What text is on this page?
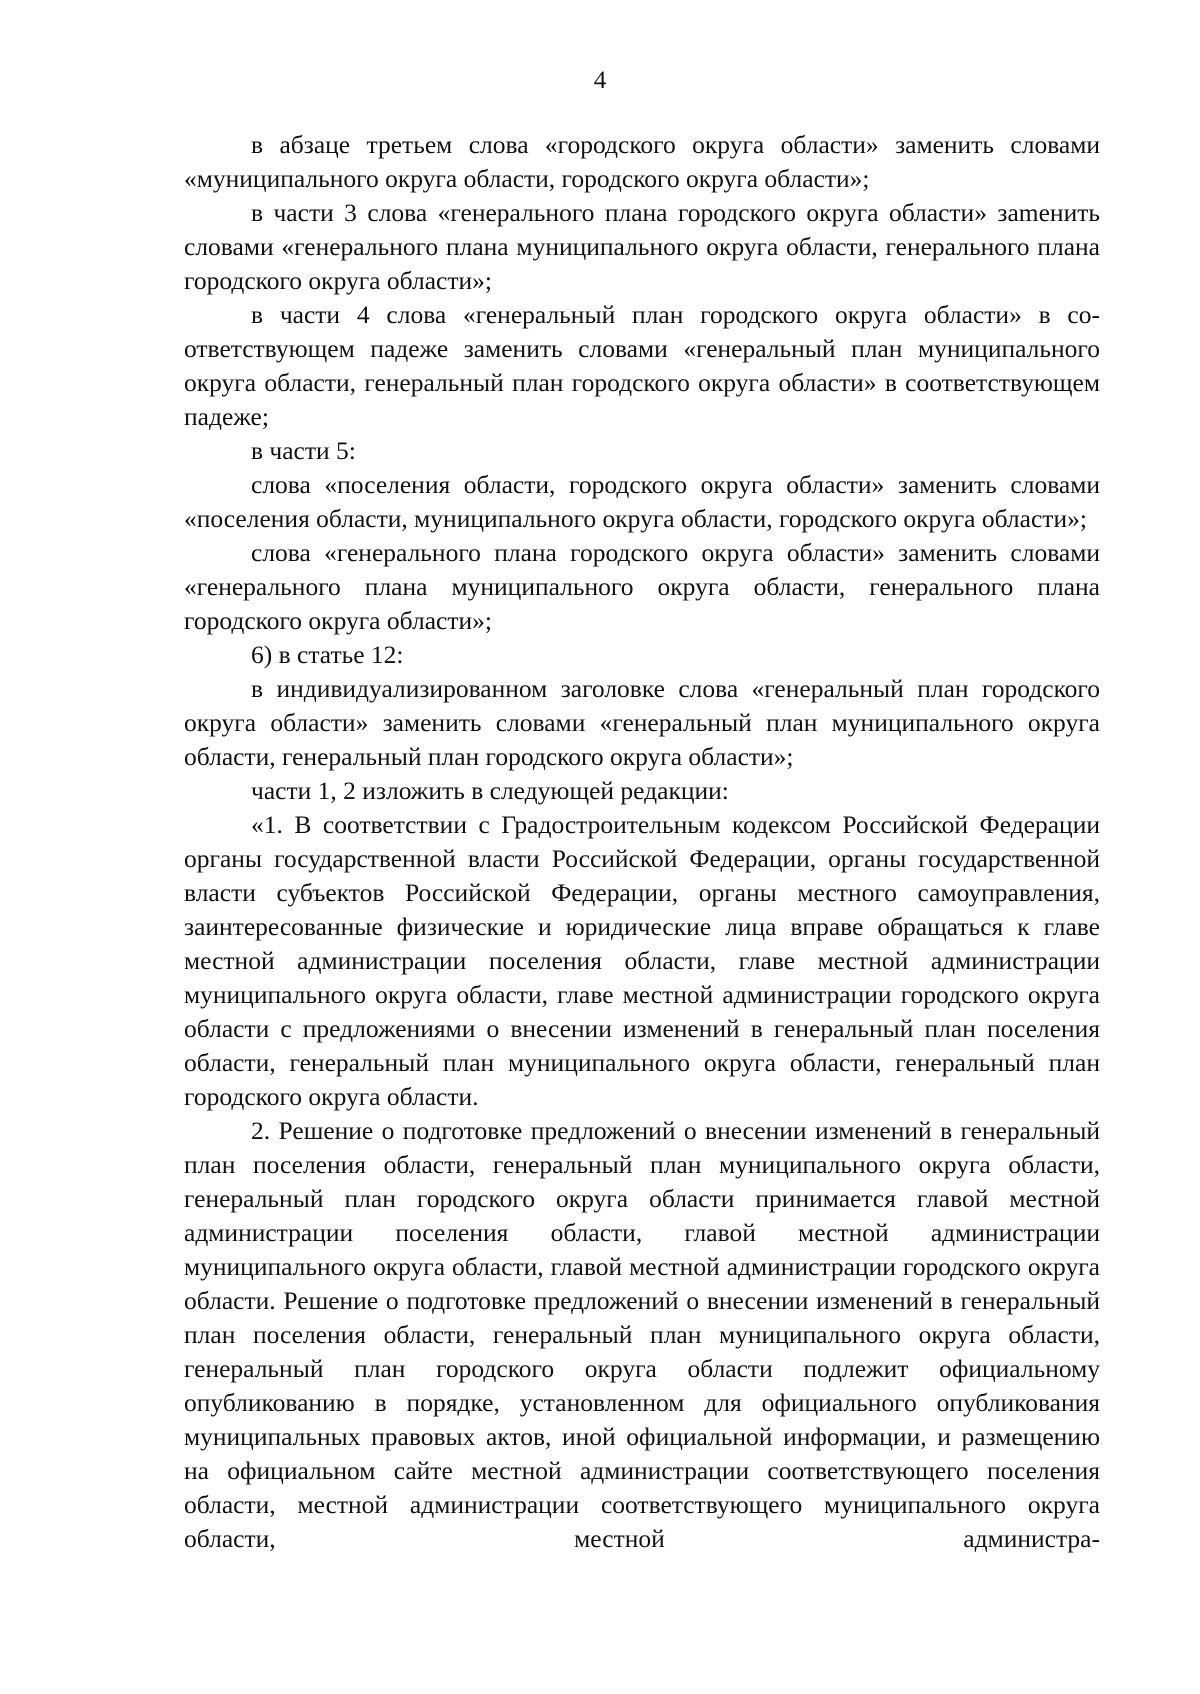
4

в абзаце третьем слова «городского округа области» заменить словами «муниципального округа области, городского округа области»;

в части 3 слова «генерального плана городского округа области» заmенить словами «генерального плана муниципального округа области, генерального плана городского округа области»;

в части 4 слова «генеральный план городского округа области» в соответствующем падеже заменить словами «генеральный план муниципального округа области, генеральный план городского округа области» в соответствующем падеже;

в части 5:

слова «поселения области, городского округа области» заменить словами «поселения области, муниципального округа области, городского округа области»;

слова «генерального плана городского округа области» заменить словами «генерального плана муниципального округа области, генерального плана городского округа области»;

6) в статье 12:

в индивидуализированном заголовке слова «генеральный план городского округа области» заменить словами «генеральный план муниципального округа области, генеральный план городского округа области»;

части 1, 2 изложить в следующей редакции:

«1. В соответствии с Градостроительным кодексом Российской Федерации органы государственной власти Российской Федерации, органы государственной власти субъектов Российской Федерации, органы местного самоуправления, заинтересованные физические и юридические лица вправе обращаться к главе местной администрации поселения области, главе местной администрации муниципального округа области, главе местной администрации городского округа области с предложениями о внесении изменений в генеральный план поселения области, генеральный план муниципального округа области, генеральный план городского округа области.

2. Решение о подготовке предложений о внесении изменений в генеральный план поселения области, генеральный план муниципального округа области, генеральный план городского округа области принимается главой местной администрации поселения области, главой местной администрации муниципального округа области, главой местной администрации городского округа области. Решение о подготовке предложений о внесении изменений в генеральный план поселения области, генеральный план муниципального округа области, генеральный план городского округа области подлежит официальному опубликованию в порядке, установленном для официального опубликования муниципальных правовых актов, иной официальной информации, и размещению на официальном сайте местной администрации соответствующего поселения области, местной администрации соответствующего муниципального округа области, местной администра-
